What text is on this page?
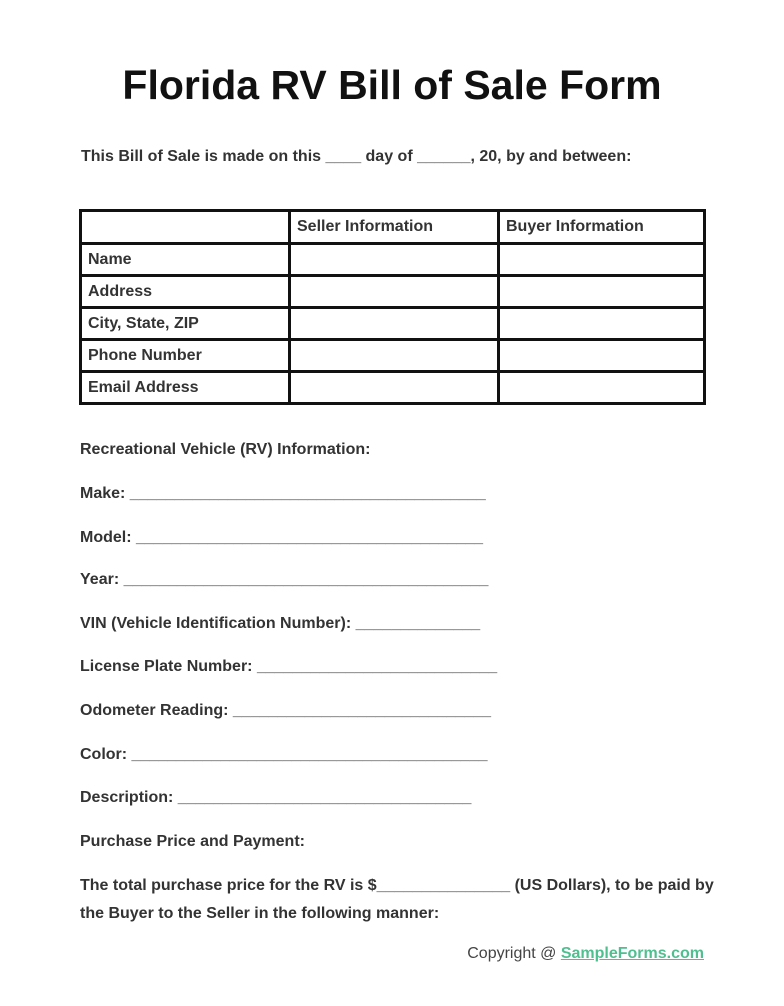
Florida RV Bill of Sale Form
This Bill of Sale is made on this ____ day of ______, 20, by and between:
	Seller Information	Buyer Information
Name		
Address		
City, State, ZIP		
Phone Number		
Email Address		
Recreational Vehicle (RV) Information:
Make: ________________________________________
Model: _______________________________________
Year: _________________________________________
VIN (Vehicle Identification Number): ______________
License Plate Number: ___________________________
Odometer Reading: _____________________________
Color: ________________________________________
Description: _________________________________
Purchase Price and Payment:
The total purchase price for the RV is $_______________ (US Dollars), to be paid by the Buyer to the Seller in the following manner:
Copyright @ SampleForms.com
